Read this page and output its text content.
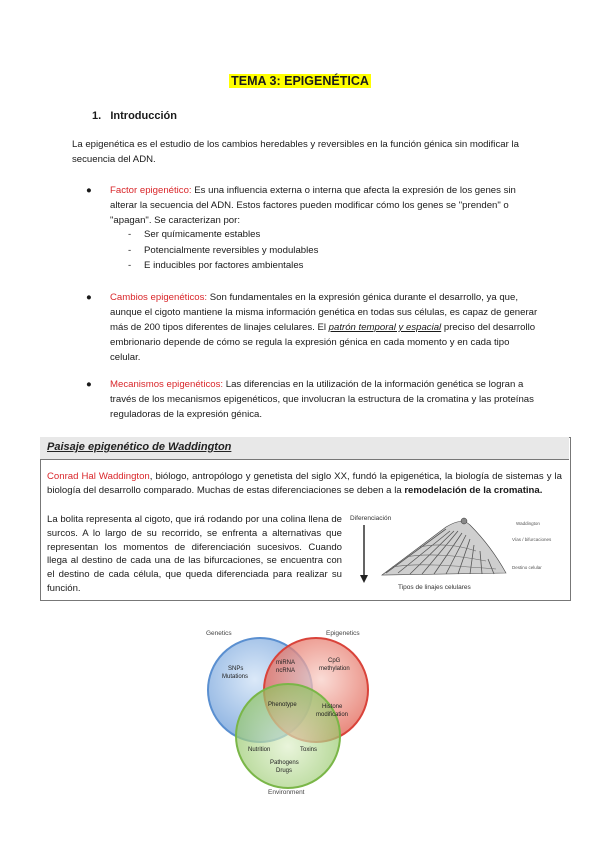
TEMA 3: EPIGENÉTICA
1. Introducción
La epigenética es el estudio de los cambios heredables y reversibles en la función génica sin modificar la secuencia del ADN.
● Factor epigenético: Es una influencia externa o interna que afecta la expresión de los genes sin alterar la secuencia del ADN. Estos factores pueden modificar cómo los genes se "prenden" o "apagan". Se caracterizan por:
- Ser químicamente estables
- Potencialmente reversibles y modulables
- E inducibles por factores ambientales
● Cambios epigenéticos: Son fundamentales en la expresión génica durante el desarrollo, ya que, aunque el cigoto mantiene la misma información genética en todas sus células, es capaz de generar más de 200 tipos diferentes de linajes celulares. El patrón temporal y espacial preciso del desarrollo embrionario depende de cómo se regula la expresión génica en cada momento y en cada tipo celular.
● Mecanismos epigenéticos: Las diferencias en la utilización de la información genética se logran a través de los mecanismos epigenéticos, que involucran la estructura de la cromatina y las proteínas reguladoras de la expresión génica.
Paisaje epigenético de Waddington
Conrad Hal Waddington, biólogo, antropólogo y genetista del siglo XX, fundó la epigenética, la biología de sistemas y la biología del desarrollo comparado. Muchas de estas diferenciaciones se deben a la remodelación de la cromatina.
La bolita representa al cigoto, que irá rodando por una colina llena de surcos. A lo largo de su recorrido, se enfrenta a alternativas que representan los momentos de diferenciación sucesivos. Cuando llega al destino de cada una de las bifurcaciones, se encuentra con el destino de cada célula, que queda diferenciada para realizar su función.
Diferenciación
Tipos de linajes celulares
Waddington
Vías / bifurcaciones
Destino celular
Genetics	Epigenetics
SNPs
Mutations
miRNA
ncRNA
CpG
methylation
Phenotype	Histone
modification
Nutrition	Toxins
Pathogens
Drugs
Environment
